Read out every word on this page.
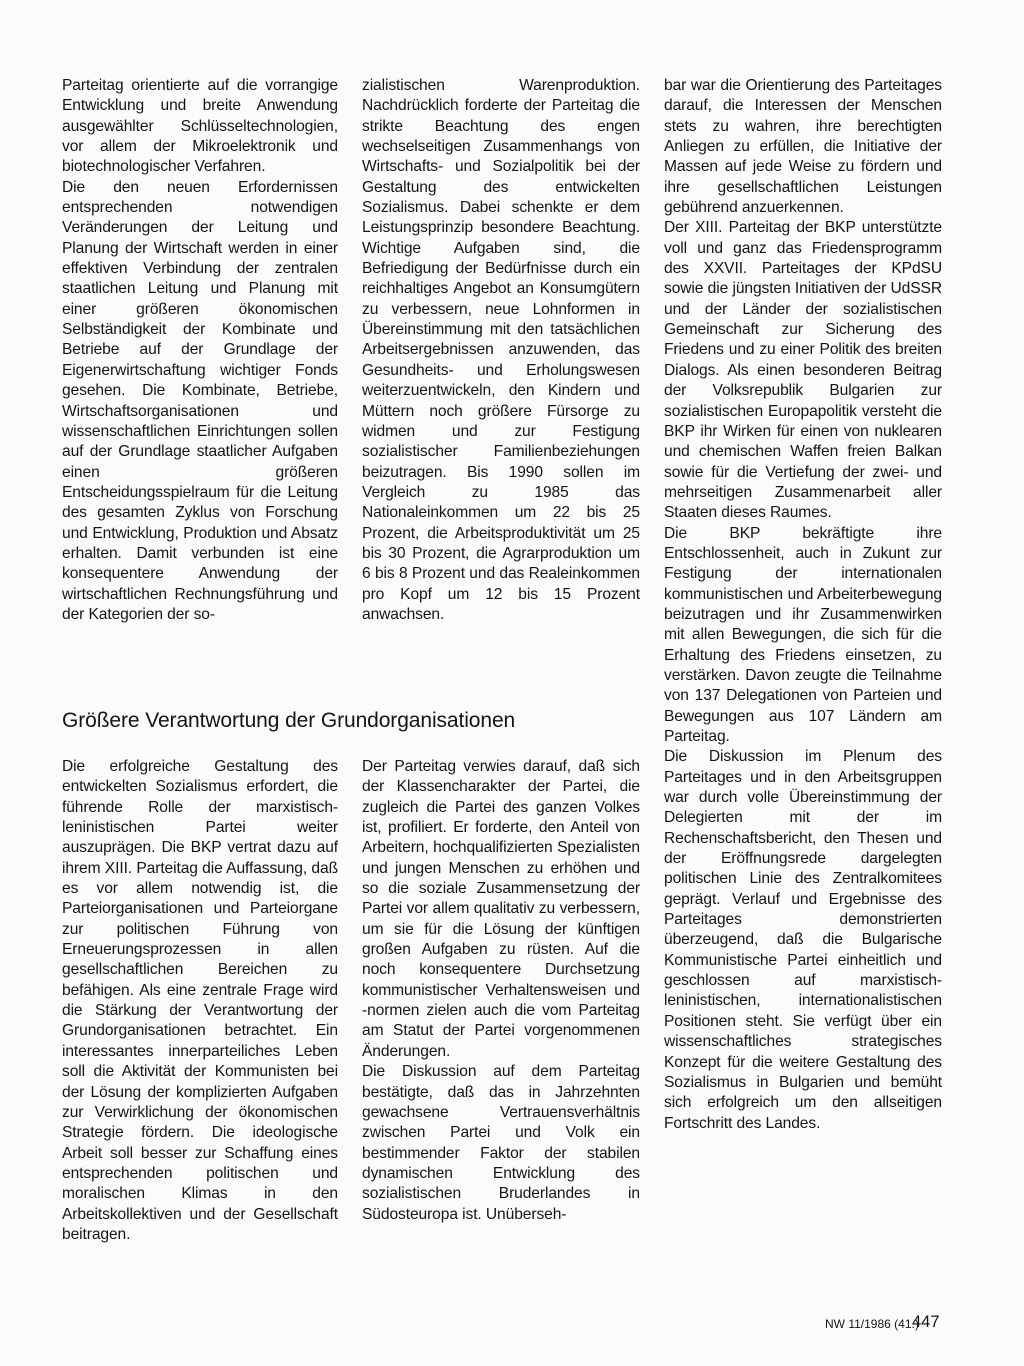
Parteitag orientierte auf die vorrangige Entwicklung und breite Anwendung ausgewählter Schlüsseltechnologien, vor allem der Mikroelektronik und biotechnologischer Verfahren.

Die den neuen Erfordernissen entsprechenden notwendigen Veränderungen der Leitung und Planung der Wirtschaft werden in einer effektiven Verbindung der zentralen staatlichen Leitung und Planung mit einer größeren ökonomischen Selbständigkeit der Kombinate und Betriebe auf der Grundlage der Eigenerwirtschaftung wichtiger Fonds gesehen. Die Kombinate, Betriebe, Wirtschaftsorganisationen und wissenschaftlichen Einrichtungen sollen auf der Grundlage staatlicher Aufgaben einen größeren Entscheidungsspielraum für die Leitung des gesamten Zyklus von Forschung und Entwicklung, Produktion und Absatz erhalten. Damit verbunden ist eine konsequentere Anwendung der wirtschaftlichen Rechnungsführung und der Kategorien der so-

zialistischen Warenproduktion. Nachdrücklich forderte der Parteitag die strikte Beachtung des engen wechselseitigen Zusammenhangs von Wirtschafts- und Sozialpolitik bei der Gestaltung des entwickelten Sozialismus. Dabei schenkte er dem Leistungsprinzip besondere Beachtung. Wichtige Aufgaben sind, die Befriedigung der Bedürfnisse durch ein reichhaltiges Angebot an Konsumgütern zu verbessern, neue Lohnformen in Übereinstimmung mit den tatsächlichen Arbeitsergebnissen anzuwenden, das Gesundheits- und Erholungswesen weiterzuentwickeln, den Kindern und Müttern noch größere Fürsorge zu widmen und zur Festigung sozialistischer Familienbeziehungen beizutragen. Bis 1990 sollen im Vergleich zu 1985 das Nationaleinkommen um 22 bis 25 Prozent, die Arbeitsproduktivität um 25 bis 30 Prozent, die Agrarproduktion um 6 bis 8 Prozent und das Realeinkommen pro Kopf um 12 bis 15 Prozent anwachsen.

Größere Verantwortung der Grundorganisationen

Die erfolgreiche Gestaltung des entwickelten Sozialismus erfordert, die führende Rolle der marxistisch-leninistischen Partei weiter auszuprägen. Die BKP vertrat dazu auf ihrem XIII. Parteitag die Auffassung, daß es vor allem notwendig ist, die Parteiorganisationen und Parteiorgane zur politischen Führung von Erneuerungsprozessen in allen gesellschaftlichen Bereichen zu befähigen. Als eine zentrale Frage wird die Stärkung der Verantwortung der Grundorganisationen betrachtet. Ein interessantes innerparteiliches Leben soll die Aktivität der Kommunisten bei der Lösung der komplizierten Aufgaben zur Verwirklichung der ökonomischen Strategie fördern. Die ideologische Arbeit soll besser zur Schaffung eines entsprechenden politischen und moralischen Klimas in den Arbeitskollektiven und der Gesellschaft beitragen.

Der Parteitag verwies darauf, daß sich der Klassencharakter der Partei, die zugleich die Partei des ganzen Volkes ist, profiliert. Er forderte, den Anteil von Arbeitern, hochqualifizierten Spezialisten und jungen Menschen zu erhöhen und so die soziale Zusammensetzung der Partei vor allem qualitativ zu verbessern, um sie für die Lösung der künftigen großen Aufgaben zu rüsten. Auf die noch konsequentere Durchsetzung kommunistischer Verhaltensweisen und -normen zielen auch die vom Parteitag am Statut der Partei vorgenommenen Änderungen.

Die Diskussion auf dem Parteitag bestätigte, daß das in Jahrzehnten gewachsene Vertrauensverhältnis zwischen Partei und Volk ein bestimmender Faktor der stabilen dynamischen Entwicklung des sozialistischen Bruderlandes in Südosteuropa ist. Unüberseh-

bar war die Orientierung des Parteitages darauf, die Interessen der Menschen stets zu wahren, ihre berechtigten Anliegen zu erfüllen, die Initiative der Massen auf jede Weise zu fördern und ihre gesellschaftlichen Leistungen gebührend anzuerkennen.

Der XIII. Parteitag der BKP unterstützte voll und ganz das Friedensprogramm des XXVII. Parteitages der KPdSU sowie die jüngsten Initiativen der UdSSR und der Länder der sozialistischen Gemeinschaft zur Sicherung des Friedens und zu einer Politik des breiten Dialogs. Als einen besonderen Beitrag der Volksrepublik Bulgarien zur sozialistischen Europapolitik versteht die BKP ihr Wirken für einen von nuklearen und chemischen Waffen freien Balkan sowie für die Vertiefung der zwei- und mehrseitigen Zusammenarbeit aller Staaten dieses Raumes.

Die BKP bekräftigte ihre Entschlossenheit, auch in Zukunt zur Festigung der internationalen kommunistischen und Arbeiterbewegung beizutragen und ihr Zusammenwirken mit allen Bewegungen, die sich für die Erhaltung des Friedens einsetzen, zu verstärken. Davon zeugte die Teilnahme von 137 Delegationen von Parteien und Bewegungen aus 107 Ländern am Parteitag.

Die Diskussion im Plenum des Parteitages und in den Arbeitsgruppen war durch volle Übereinstimmung der Delegierten mit der im Rechenschaftsbericht, den Thesen und der Eröffnungsrede dargelegten politischen Linie des Zentralkomitees geprägt. Verlauf und Ergebnisse des Parteitages demonstrierten überzeugend, daß die Bulgarische Kommunistische Partei einheitlich und geschlossen auf marxistisch-leninistischen, internationalistischen Positionen steht. Sie verfügt über ein wissenschaftliches strategisches Konzept für die weitere Gestaltung des Sozialismus in Bulgarien und bemüht sich erfolgreich um den allseitigen Fortschritt des Landes.

NW 11/1986 (41.)
447
